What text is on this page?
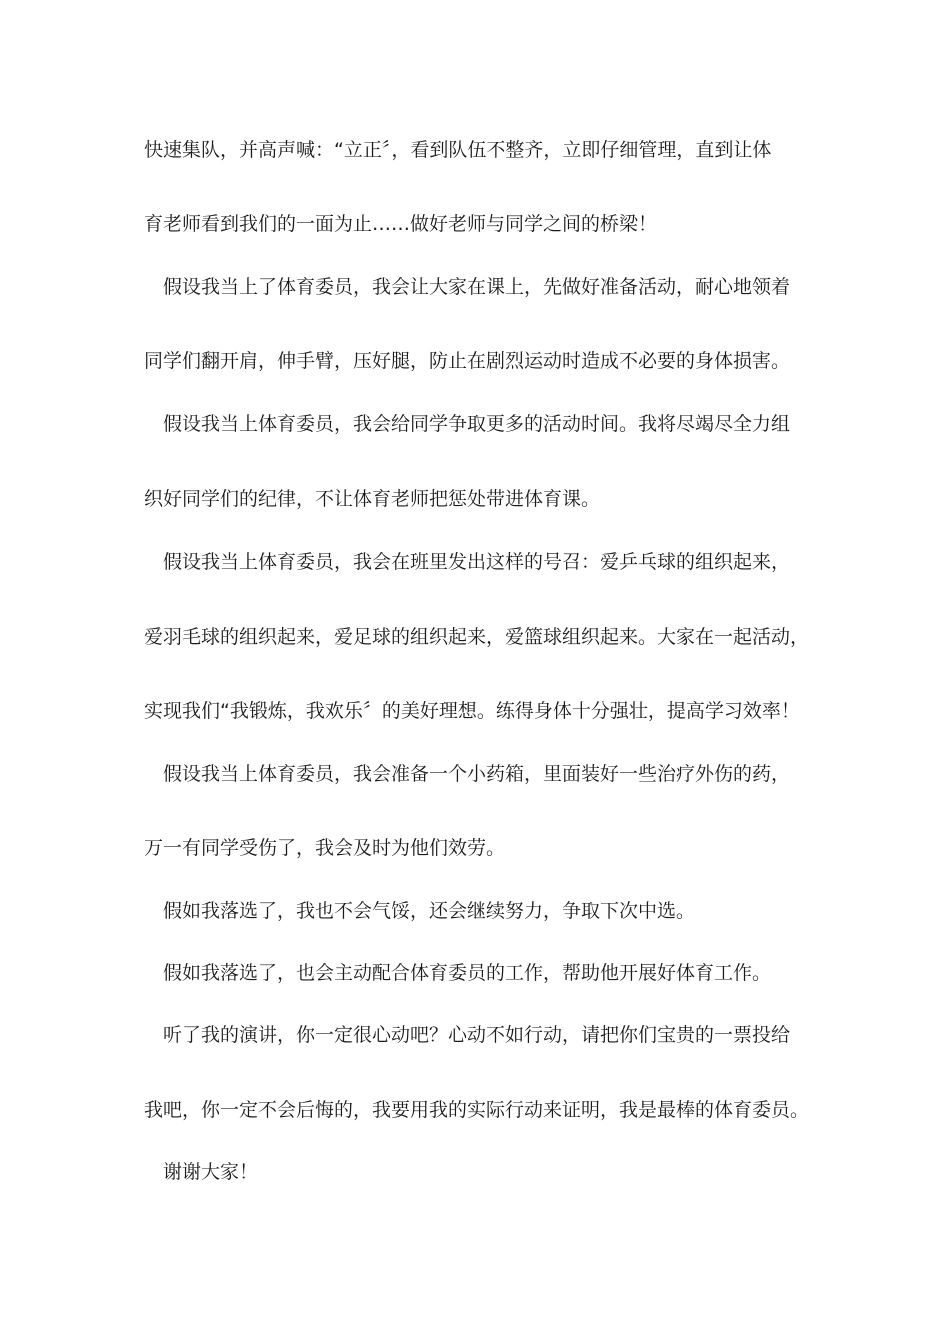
快速集队，并高声喊：“立正〞，看到队伍不整齐，立即仔细管理，直到让体

育老师看到我们的一面为止……做好老师与同学之间的桥梁！

假设我当上了体育委员，我会让大家在课上，先做好准备活动，耐心地领着

同学们翻开肩，伸手臂，压好腿，防止在剧烈运动时造成不必要的身体损害。

假设我当上体育委员，我会给同学争取更多的活动时间。我将尽竭尽全力组

织好同学们的纪律，不让体育老师把惩处带进体育课。

假设我当上体育委员，我会在班里发出这样的号召：爱乒乓球的组织起来，

爱羽毛球的组织起来，爱足球的组织起来，爱篮球组织起来。大家在一起活动，

实现我们“我锻炼，我欢乐〞的美好理想。练得身体十分强壮，提高学习效率！

假设我当上体育委员，我会准备一个小药箱，里面装好一些治疗外伤的药，

万一有同学受伤了，我会及时为他们效劳。

假如我落选了，我也不会气馁，还会继续努力，争取下次中选。

假如我落选了，也会主动配合体育委员的工作，帮助他开展好体育工作。

听了我的演讲，你一定很心动吧？心动不如行动，请把你们宝贵的一票投给

我吧，你一定不会后悔的，我要用我的实际行动来证明，我是最棒的体育委员。

谢谢大家！
